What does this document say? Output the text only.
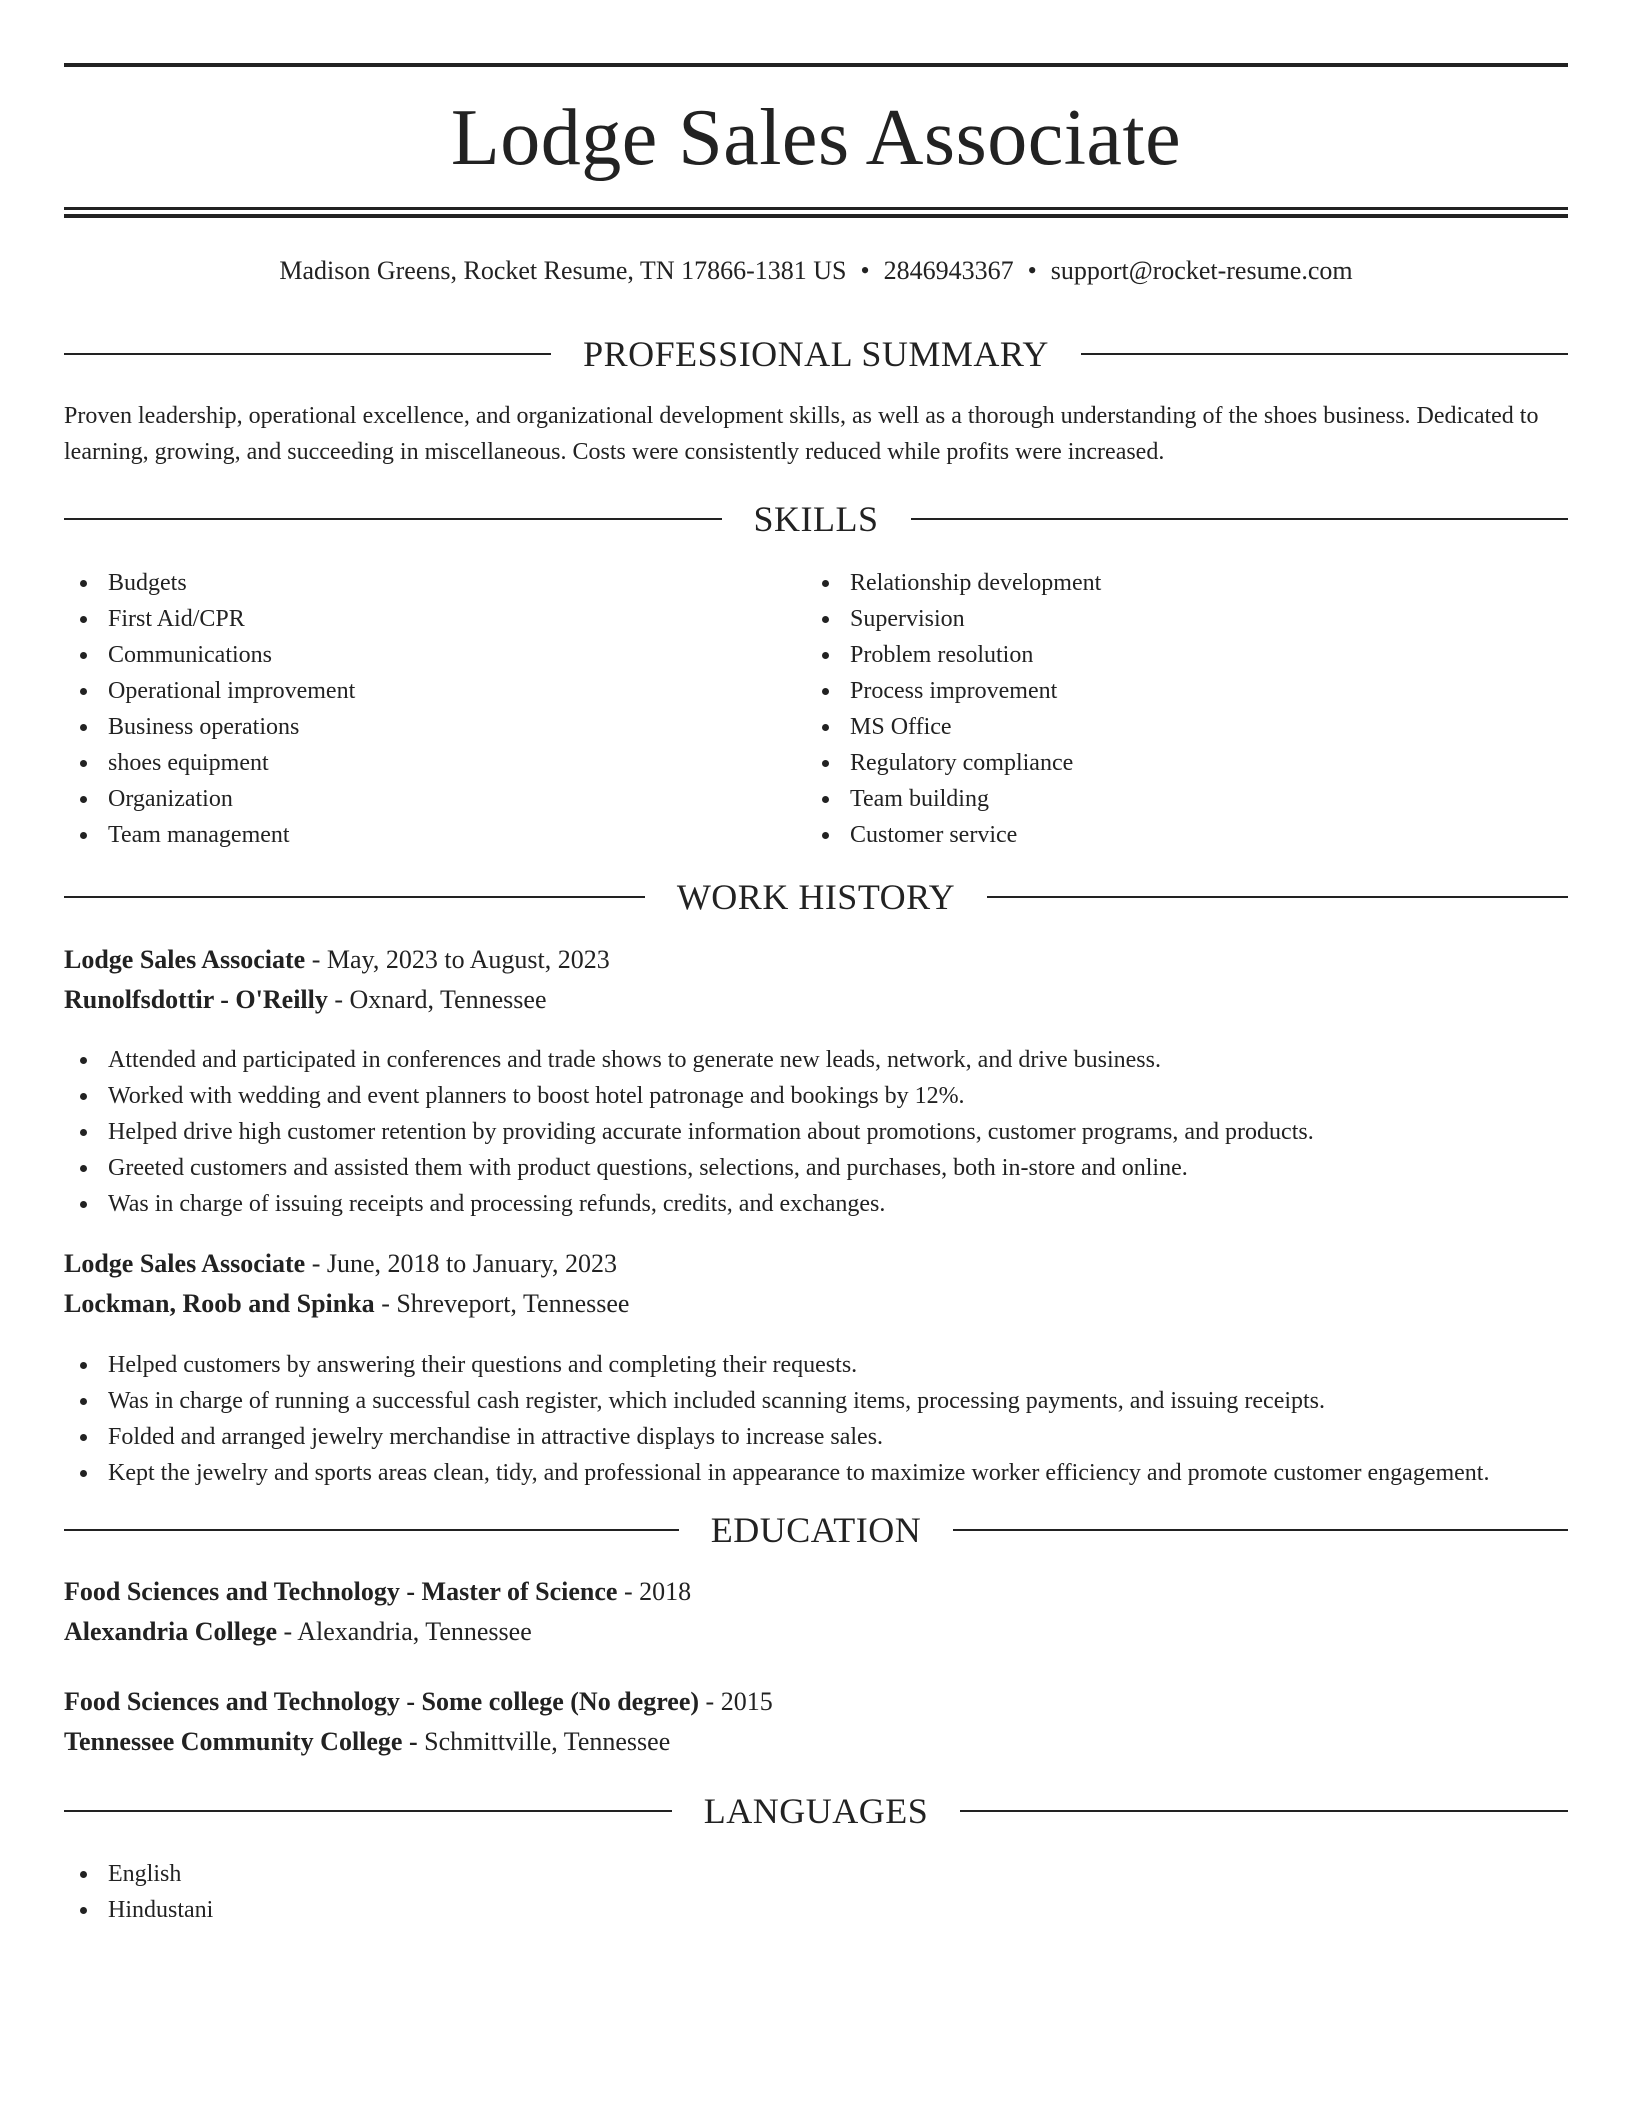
Lodge Sales Associate
Madison Greens, Rocket Resume, TN 17866-1381 US • 2846943367 • support@rocket-resume.com
PROFESSIONAL SUMMARY
Proven leadership, operational excellence, and organizational development skills, as well as a thorough understanding of the shoes business. Dedicated to learning, growing, and succeeding in miscellaneous. Costs were consistently reduced while profits were increased.
SKILLS
Budgets
First Aid/CPR
Communications
Operational improvement
Business operations
shoes equipment
Organization
Team management
Relationship development
Supervision
Problem resolution
Process improvement
MS Office
Regulatory compliance
Team building
Customer service
WORK HISTORY
Lodge Sales Associate - May, 2023 to August, 2023
Runolfsdottir - O'Reilly - Oxnard, Tennessee
Attended and participated in conferences and trade shows to generate new leads, network, and drive business.
Worked with wedding and event planners to boost hotel patronage and bookings by 12%.
Helped drive high customer retention by providing accurate information about promotions, customer programs, and products.
Greeted customers and assisted them with product questions, selections, and purchases, both in-store and online.
Was in charge of issuing receipts and processing refunds, credits, and exchanges.
Lodge Sales Associate - June, 2018 to January, 2023
Lockman, Roob and Spinka - Shreveport, Tennessee
Helped customers by answering their questions and completing their requests.
Was in charge of running a successful cash register, which included scanning items, processing payments, and issuing receipts.
Folded and arranged jewelry merchandise in attractive displays to increase sales.
Kept the jewelry and sports areas clean, tidy, and professional in appearance to maximize worker efficiency and promote customer engagement.
EDUCATION
Food Sciences and Technology - Master of Science - 2018
Alexandria College - Alexandria, Tennessee
Food Sciences and Technology - Some college (No degree) - 2015
Tennessee Community College - Schmittville, Tennessee
LANGUAGES
English
Hindustani
